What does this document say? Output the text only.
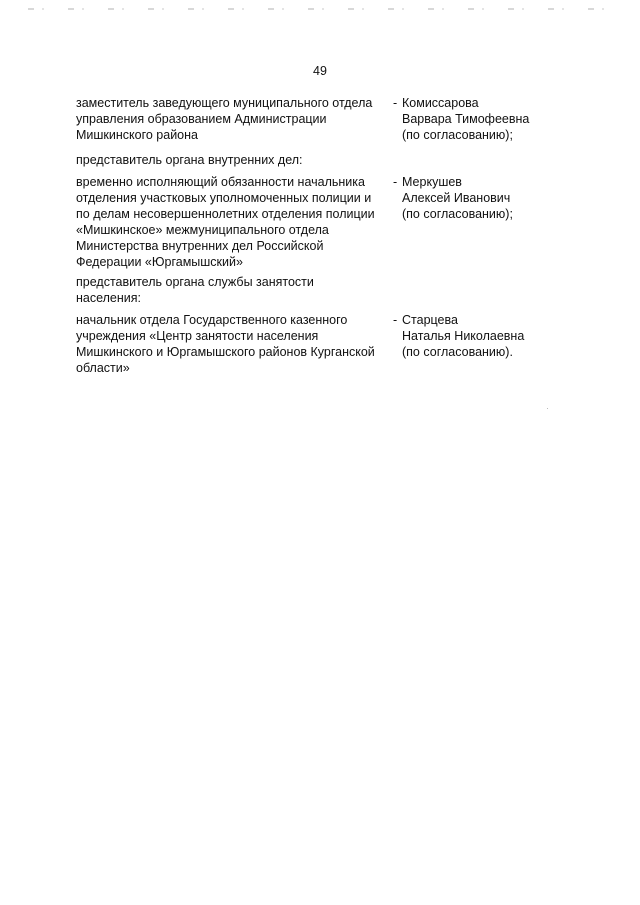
49
заместитель заведующего муниципального отдела
управления образованием Администрации
Мишкинского района
- Комиссарова
Варвара Тимофеевна
(по согласованию);
представитель органа внутренних дел:
временно исполняющий обязанности начальника
отделения участковых уполномоченных полиции и
по делам несовершеннолетних отделения полиции
«Мишкинское» межмуниципального отдела
Министерства внутренних дел Российской
Федерации «Юргамышский»
- Меркушев
Алексей Иванович
(по согласованию);
представитель органа службы занятости
населения:
начальник отдела Государственного казенного
учреждения «Центр занятости населения
Мишкинского и Юргамышского районов Курганской
области»
- Старцева
Наталья Николаевна
(по согласованию).
